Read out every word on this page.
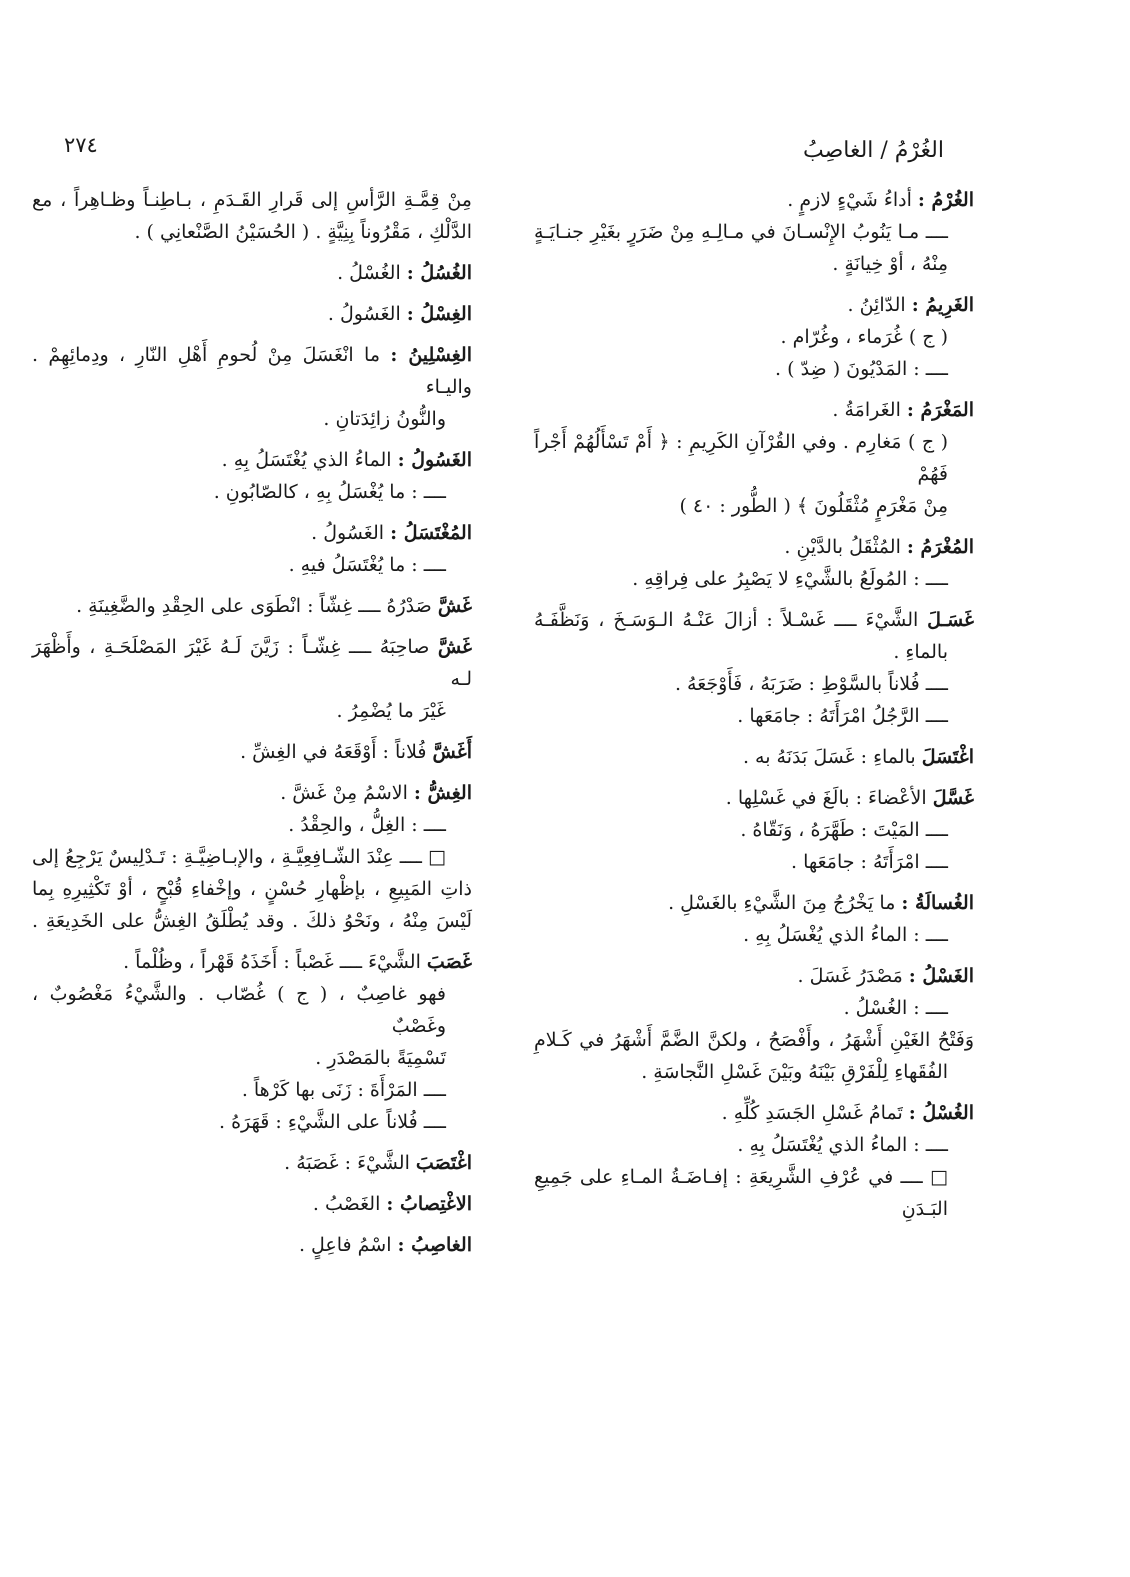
٢٧٤	الغُرْمُ / الغاصِبُ
الغُرْمُ : أداءُ شَيْءٍ لازمٍ .
ــــ مـا يَنُوبُ الإِنْسـانَ في مـالِـهِ مِنْ ضَرَرٍ بغَيْرِ جنـايَـةٍ
مِنْهُ ، أوْ خِيانَةٍ .
الغَرِيمُ : الدّائِنُ .
( ج ) غُرَماء ، وغُرّام .
ــــ : المَدْيُونَ ( ضِدّ ) .
المَغْرَمُ : الغَرامَةُ .
( ج ) مَغارِم . وفي القُرْآنِ الكَرِيمِ : ﴿ أَمْ تَسْأَلُهُمْ أَجْراً فَهُمْ
مِنْ مَغْرَمٍ مُثْقَلُونَ ﴾ ( الطُّور : ٤٠ )
المُغْرَمُ : المُثْقَلُ بالدَّيْنِ .
ــــ : المُولَعُ بالشَّيْءِ لا يَصْبِرُ على فِراقِهِ .
غَسَـلَ الشَّيْءَ ــــ غَسْـلاً : أزالَ عَنْـهُ الـوَسَـخَ ، وَنَظَّفَـهُ
بالماءِ .
ــــ فُلاناً بالسَّوْطِ : ضَرَبَهُ ، فَأَوْجَعَهُ .
ــــ الرَّجُلُ امْرَأَتَهُ : جامَعَها .
اغْتَسَلَ بالماءِ : غَسَلَ بَدَنَهُ به .
غَسَّلَ الأعْضاءَ : بالَغَ في غَسْلِها .
ــــ المَيْتَ : طَهَّرَهُ ، وَنَقّاهُ .
ــــ امْرَأَتَهُ : جامَعَها .
الغُسالَةُ : ما يَخْرُجُ مِنَ الشَّيْءِ بالغَسْلِ .
ــــ : الماءُ الذي يُغْسَلُ بِهِ .
الغَسْلُ : مَصْدَرُ غَسَلَ .
ــــ : الغُسْلُ .
وَفَتْحُ الغَيْنِ أَشْهَرُ ، وأَفْصَحُ ، ولكنَّ الضَّمَّ أَشْهَرُ في كَـلامِ
الفُقَهاءِ لِلْفَرْقِ بَيْنَهُ وبَيْنَ غَسْلِ النَّجاسَةِ .
الغُسْلُ : تَمامُ غَسْلِ الجَسَدِ كُلِّهِ .
ــــ : الماءُ الذي يُغْتَسَلُ بِهِ .
□ ــــ في عُرْفِ الشَّرِيعَةِ : إفـاضَـةُ المـاءِ على جَمِيعِ البَـدَنِ
مِنْ قِمَّـةِ الرَّأسِ إلى قَرارِ القَـدَمِ ، بـاطِنـاً وظـاهِراً ، مع
الدَّلْكِ ، مَقْرُوناً بِنِيَّةٍ . ( الحُسَيْنُ الصَّنْعانِي ) .
الغُسُلُ : الغُسْلُ .
الغِسْلُ : الغَسُولُ .
الغِسْلِينُ : ما انْغَسَلَ مِنْ لُحومِ أَهْلِ النّارِ ، ودِمائِهِمْ . واليـاء
والنُّونُ زائِدَتانِ .
الغَسُولُ : الماءُ الذي يُغْتَسَلُ بِهِ .
ــــ : ما يُغْسَلُ بِهِ ، كالصّابُونِ .
المُغْتَسَلُ : الغَسُولُ .
ــــ : ما يُغْتَسَلُ فيهِ .
غَشَّ صَدْرُهُ ــــ غِشّاً : انْطَوَى على الحِقْدِ والضَّغِينَةِ .
غَشَّ صاحِبَهُ ــــ غِشّـاً : زَيَّنَ لَـهُ غَيْرَ المَصْلَحَـةِ ، وأَظْهَرَ لـه
غَيْرَ ما يُضْمِرُ .
أَغَشَّ فُلاناً : أَوْقَعَهُ في الغِشِّ .
الغِشُّ : الاسْمُ مِنْ غَشَّ .
ــــ : الغِلُّ ، والحِقْدُ .
□ ــــ عِنْدَ الشّـافِعِيَّـةِ ، والإبـاضِيَّـةِ : تَـدْلِيسٌ يَرْجِعُ إلى
ذاتِ المَبِيعِ ، بإظْهارِ حُسْنٍ ، وإخْفاءِ قُبْحٍ ، أوْ تَكْثِيرِهِ بِما
لَيْسَ مِنْهُ ، ونَحْوُ ذلكَ . وقد يُطْلَقُ الغِشُّ على الخَدِيعَةِ .
غَصَبَ الشَّيْءَ ــــ غَصْباً : أَخَذَهُ قَهْراً ، وظُلْماً .
فهو غاصِبٌ ، ( ج ) غُصّاب . والشَّيْءُ مَغْصُوبٌ ، وغَصْبٌ
تَسْمِيَةً بالمَصْدَرِ .
ــــ المَرْأَةَ : زَنَى بها كَرْهاً .
ــــ فُلاناً على الشَّيْءِ : قَهَرَهُ .
اغْتَصَبَ الشَّيْءَ : غَصَبَهُ .
الاغْتِصابُ : الغَصْبُ .
الغاصِبُ : اسْمُ فاعِلٍ .
